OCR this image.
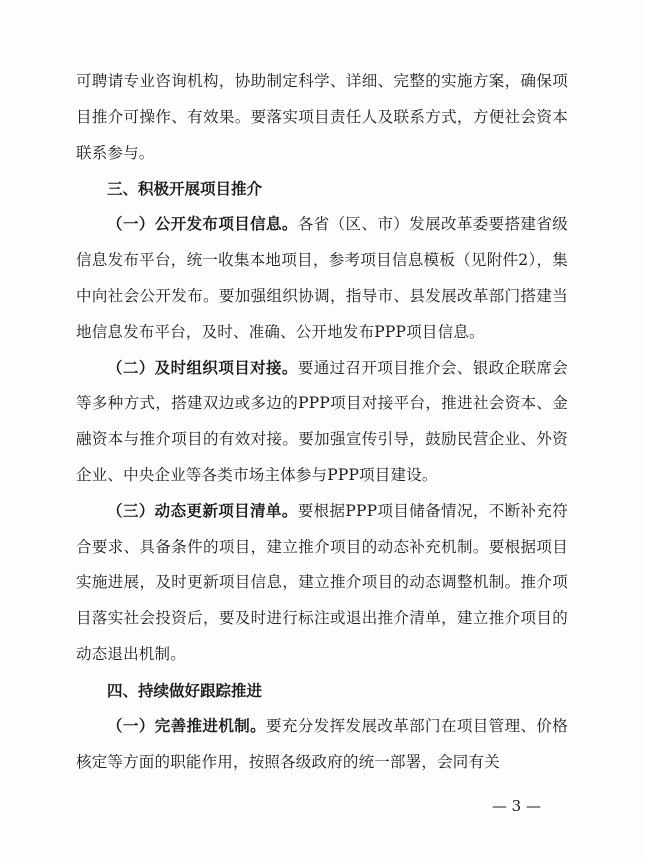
可聘请专业咨询机构，协助制定科学、详细、完整的实施方案，确保项目推介可操作、有效果。要落实项目责任人及联系方式，方便社会资本联系参与。

三、积极开展项目推介

（一）公开发布项目信息。各省（区、市）发展改革委要搭建省级信息发布平台，统一收集本地项目，参考项目信息模板（见附件2），集中向社会公开发布。要加强组织协调，指导市、县发展改革部门搭建当地信息发布平台，及时、准确、公开地发布PPP项目信息。

（二）及时组织项目对接。要通过召开项目推介会、银政企联席会等多种方式，搭建双边或多边的PPP项目对接平台，推进社会资本、金融资本与推介项目的有效对接。要加强宣传引导，鼓励民营企业、外资企业、中央企业等各类市场主体参与PPP项目建设。

（三）动态更新项目清单。要根据PPP项目储备情况，不断补充符合要求、具备条件的项目，建立推介项目的动态补充机制。要根据项目实施进展，及时更新项目信息，建立推介项目的动态调整机制。推介项目落实社会投资后，要及时进行标注或退出推介清单，建立推介项目的动态退出机制。

四、持续做好跟踪推进

（一）完善推进机制。要充分发挥发展改革部门在项目管理、价格核定等方面的职能作用，按照各级政府的统一部署，会同有关

— 3 —
